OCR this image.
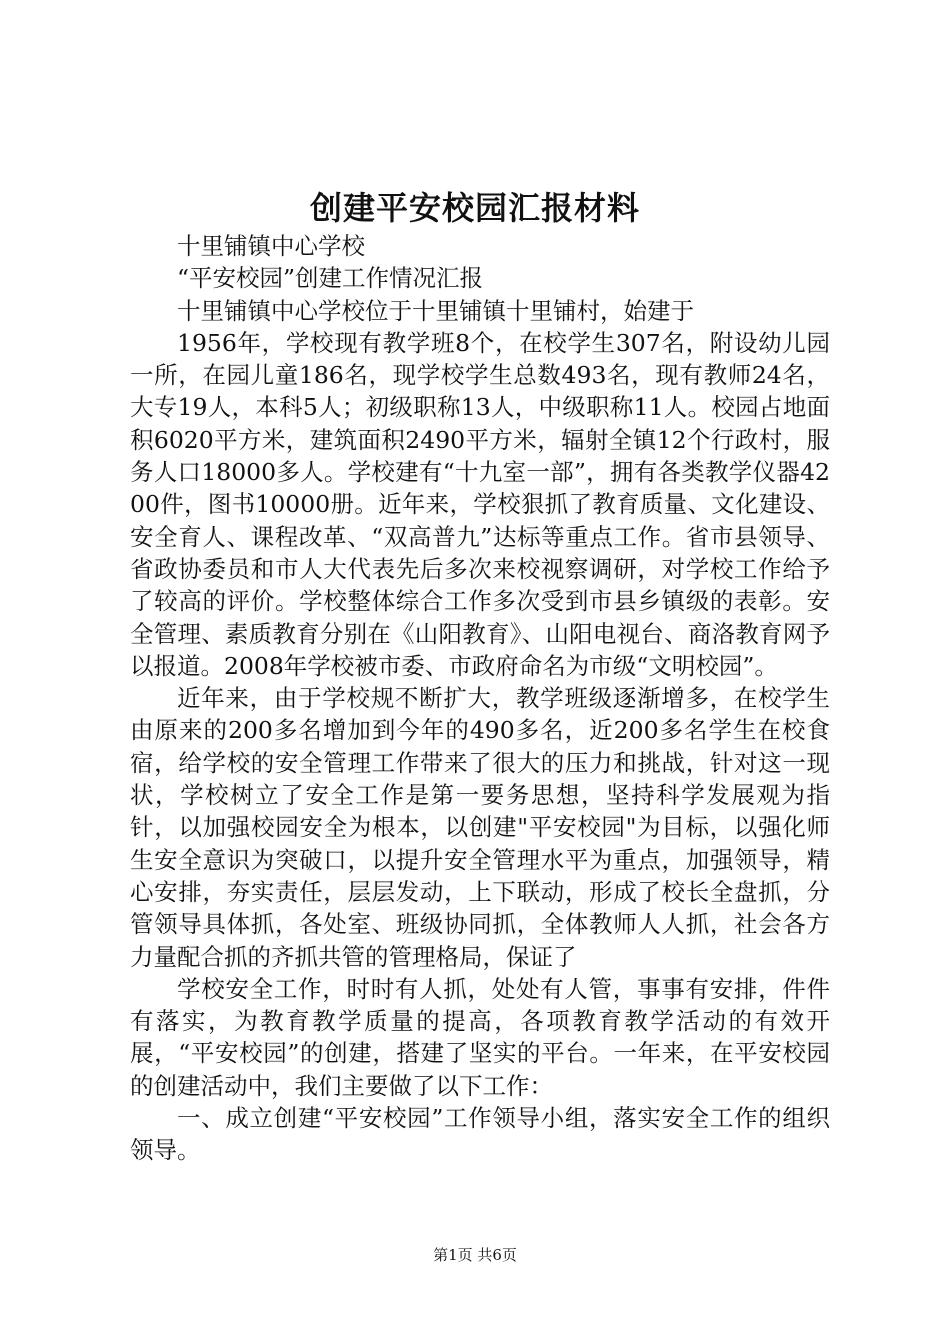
创建平安校园汇报材料

十里铺镇中心学校

“平安校园”创建工作情况汇报

十里铺镇中心学校位于十里铺镇十里铺村，始建于

1956年，学校现有教学班8个，在校学生307名，附设幼儿园一所，在园儿童186名，现学校学生总数493名，现有教师24名，大专19人，本科5人；初级职称13人，中级职称11人。校园占地面积6020平方米，建筑面积2490平方米，辐射全镇12个行政村，服务人口18000多人。学校建有“十九室一部”，拥有各类教学仪器4200件，图书10000册。近年来，学校狠抓了教育质量、文化建设、安全育人、课程改革、“双高普九”达标等重点工作。省市县领导、省政协委员和市人大代表先后多次来校视察调研，对学校工作给予了较高的评价。学校整体综合工作多次受到市县乡镇级的表彰。安全管理、素质教育分别在《山阳教育》、山阳电视台、商洛教育网予以报道。2008年学校被市委、市政府命名为市级“文明校园”。

近年来，由于学校规不断扩大，教学班级逐渐增多，在校学生由原来的200多名增加到今年的490多名，近200多名学生在校食宿，给学校的安全管理工作带来了很大的压力和挑战，针对这一现状，学校树立了安全工作是第一要务思想，坚持科学发展观为指针，以加强校园安全为根本，以创建"平安校园"为目标，以强化师生安全意识为突破口，以提升安全管理水平为重点，加强领导，精心安排，夯实责任，层层发动，上下联动，形成了校长全盘抓，分管领导具体抓，各处室、班级协同抓，全体教师人人抓，社会各方力量配合抓的齐抓共管的管理格局，保证了

学校安全工作，时时有人抓，处处有人管，事事有安排，件件有落实，为教育教学质量的提高，各项教育教学活动的有效开展，“平安校园”的创建，搭建了坚实的平台。一年来，在平安校园的创建活动中，我们主要做了以下工作：

一、成立创建“平安校园”工作领导小组，落实安全工作的组织领导。

第1页 共6页
